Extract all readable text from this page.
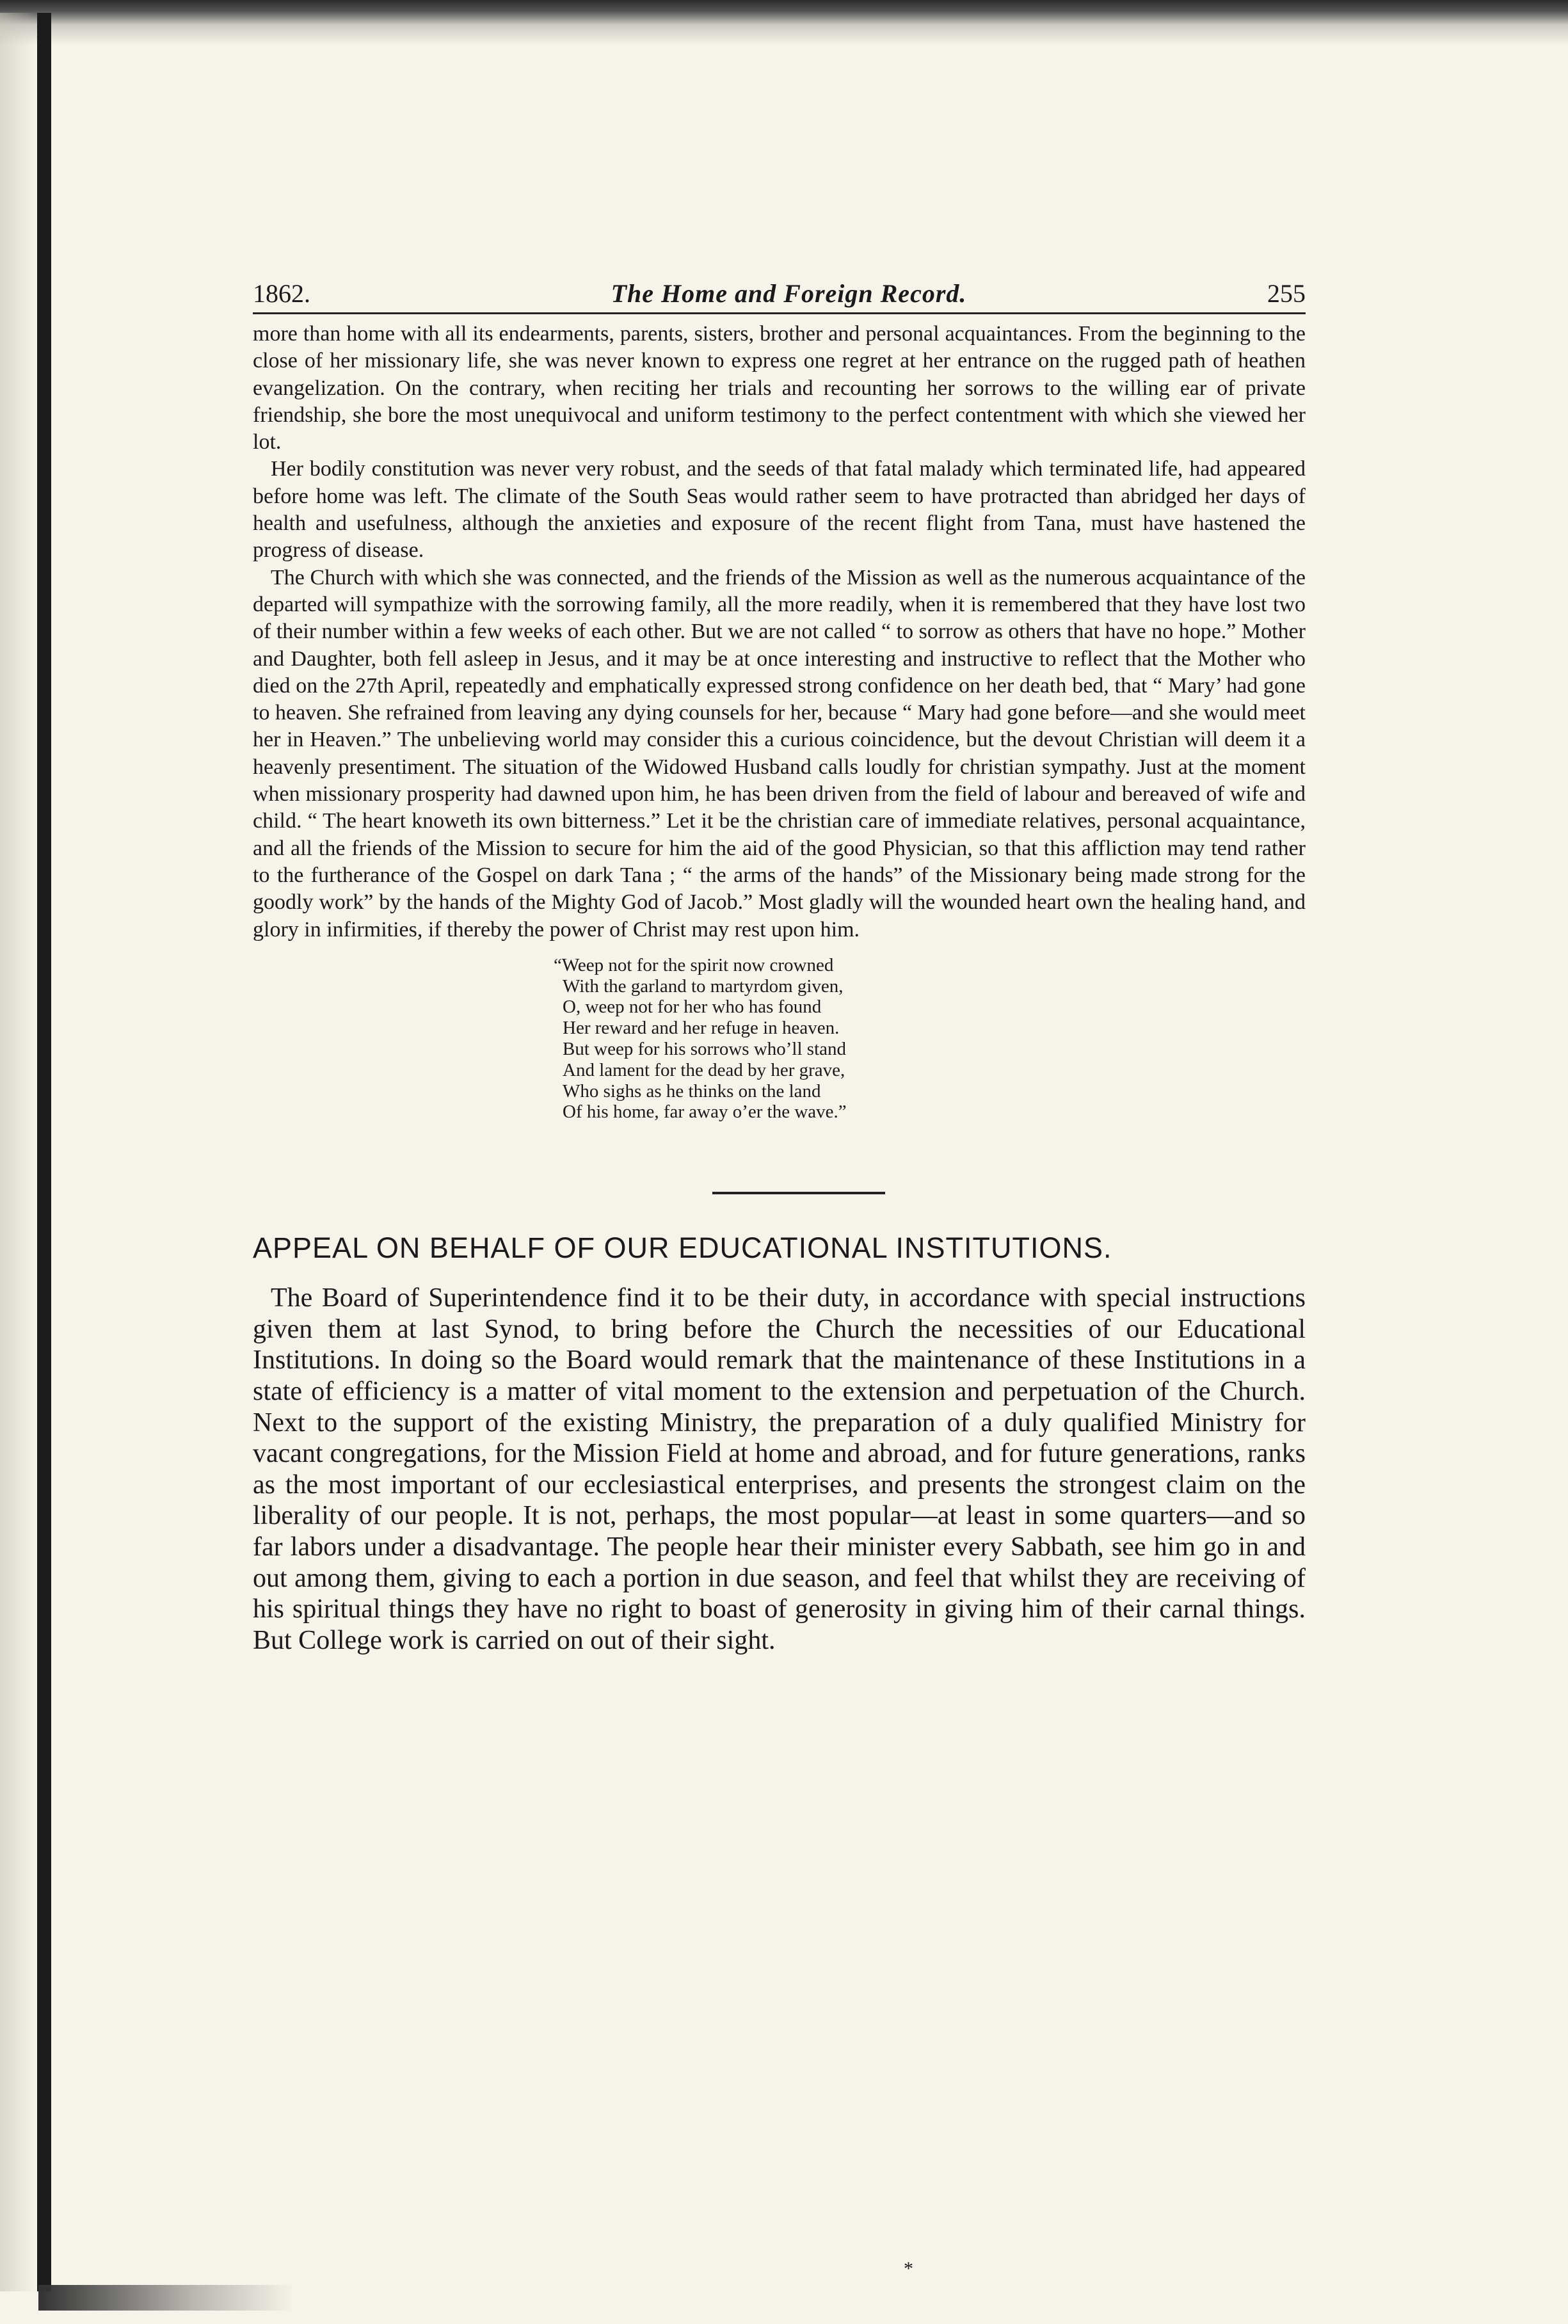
1862.	The Home and Foreign Record.	255

more than home with all its endearments, parents, sisters, brother and personal acquaintances. From the beginning to the close of her missionary life, she was never known to express one regret at her entrance on the rugged path of heathen evangelization. On the contrary, when reciting her trials and recounting her sorrows to the willing ear of private friendship, she bore the most unequivocal and uniform testimony to the perfect contentment with which she viewed her lot.

Her bodily constitution was never very robust, and the seeds of that fatal malady which terminated life, had appeared before home was left. The climate of the South Seas would rather seem to have protracted than abridged her days of health and usefulness, although the anxieties and exposure of the recent flight from Tana, must have hastened the progress of disease.

The Church with which she was connected, and the friends of the Mission as well as the numerous acquaintance of the departed will sympathize with the sorrowing family, all the more readily, when it is remembered that they have lost two of their number within a few weeks of each other. But we are not called “ to sorrow as others that have no hope.” Mother and Daughter, both fell asleep in Jesus, and it may be at once interesting and instructive to reflect that the Mother who died on the 27th April, repeatedly and emphatically expressed strong confidence on her death bed, that “ Mary’ had gone to heaven. She refrained from leaving any dying counsels for her, because “ Mary had gone before—and she would meet her in Heaven.” The unbelieving world may consider this a curious coincidence, but the devout Christian will deem it a heavenly presentiment. The situation of the Widowed Husband calls loudly for christian sympathy. Just at the moment when missionary prosperity had dawned upon him, he has been driven from the field of labour and bereaved of wife and child. “ The heart knoweth its own bitterness.” Let it be the christian care of immediate relatives, personal acquaintance, and all the friends of the Mission to secure for him the aid of the good Physician, so that this affliction may tend rather to the furtherance of the Gospel on dark Tana ; “ the arms of the hands” of the Missionary being made strong for the goodly work” by the hands of the Mighty God of Jacob.” Most gladly will the wounded heart own the healing hand, and glory in infirmities, if thereby the power of Christ may rest upon him.

“Weep not for the spirit now crowned
With the garland to martyrdom given,
O, weep not for her who has found
Her reward and her refuge in heaven.
But weep for his sorrows who’ll stand
And lament for the dead by her grave,
Who sighs as he thinks on the land
Of his home, far away o’er the wave.”
APPEAL ON BEHALF OF OUR EDUCATIONAL INSTITUTIONS.

The Board of Superintendence find it to be their duty, in accordance with special instructions given them at last Synod, to bring before the Church the necessities of our Educational Institutions. In doing so the Board would remark that the maintenance of these Institutions in a state of efficiency is a matter of vital moment to the extension and perpetuation of the Church. Next to the support of the existing Ministry, the preparation of a duly qualified Ministry for vacant congregations, for the Mission Field at home and abroad, and for future generations, ranks as the most important of our ecclesiastical enterprises, and presents the strongest claim on the liberality of our people. It is not, perhaps, the most popular—at least in some quarters—and so far labors under a disadvantage. The people hear their minister every Sabbath, see him go in and out among them, giving to each a portion in due season, and feel that whilst they are receiving of his spiritual things they have no right to boast of generosity in giving him of their carnal things. But College work is carried on out of their sight.

*
